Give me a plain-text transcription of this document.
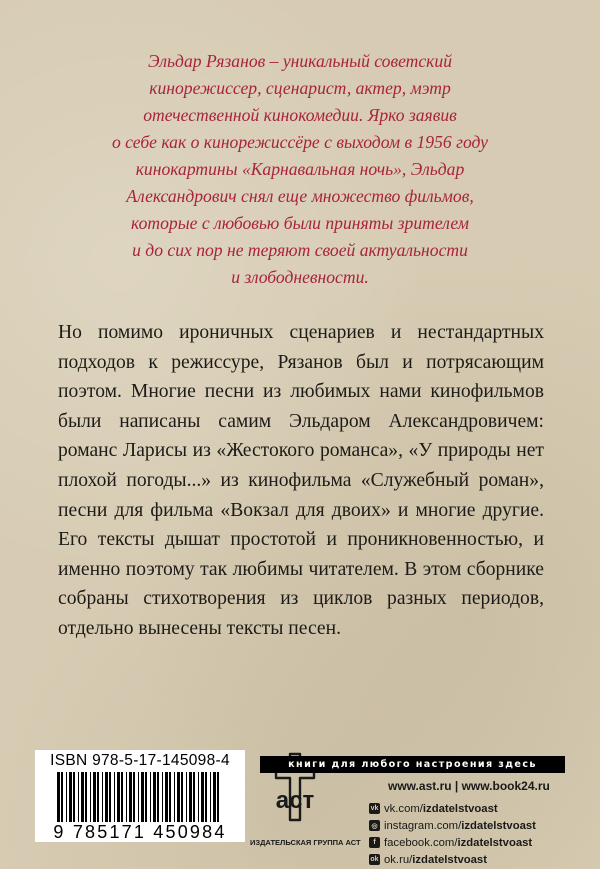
Эльдар Рязанов – уникальный советский

кинорежиссер, сценарист, актер, мэтр

отечественной кинокомедии. Ярко заявив

о себе как о кинорежиссёре с выходом в 1956 году

кинокартины «Карнавальная ночь», Эльдар

Александрович снял еще множество фильмов,

которые с любовью были приняты зрителем

и до сих пор не теряют своей актуальности

и злободневности.

Но помимо ироничных сценариев и нестандартных подходов к режиссуре, Рязанов был и потрясающим поэтом. Многие песни из любимых нами кинофильмов были написаны самим Эльдаром Александровичем: романс Ларисы из «Жестокого романса», «У природы нет плохой погоды...» из кинофильма «Служебный роман», песни для фильма «Вокзал для двоих» и многие другие. Его тексты дышат простотой и проникновенностью, и именно поэтому так любимы читателем. В этом сборнике собраны стихотворения из циклов разных периодов, отдельно вынесены тексты песен.

ISBN 978-5-17-145098-4
9 785171 450984
аст
ИЗДАТЕЛЬСКАЯ ГРУППА АСТ
книги для любого настроения здесь
www.ast.ru | www.book24.ru
vk vk.com/ izdatelstvoast
◎ instagram.com/ izdatelstvoast
f facebook.com/ izdatelstvoast
ok ok.ru/ izdatelstvoast
